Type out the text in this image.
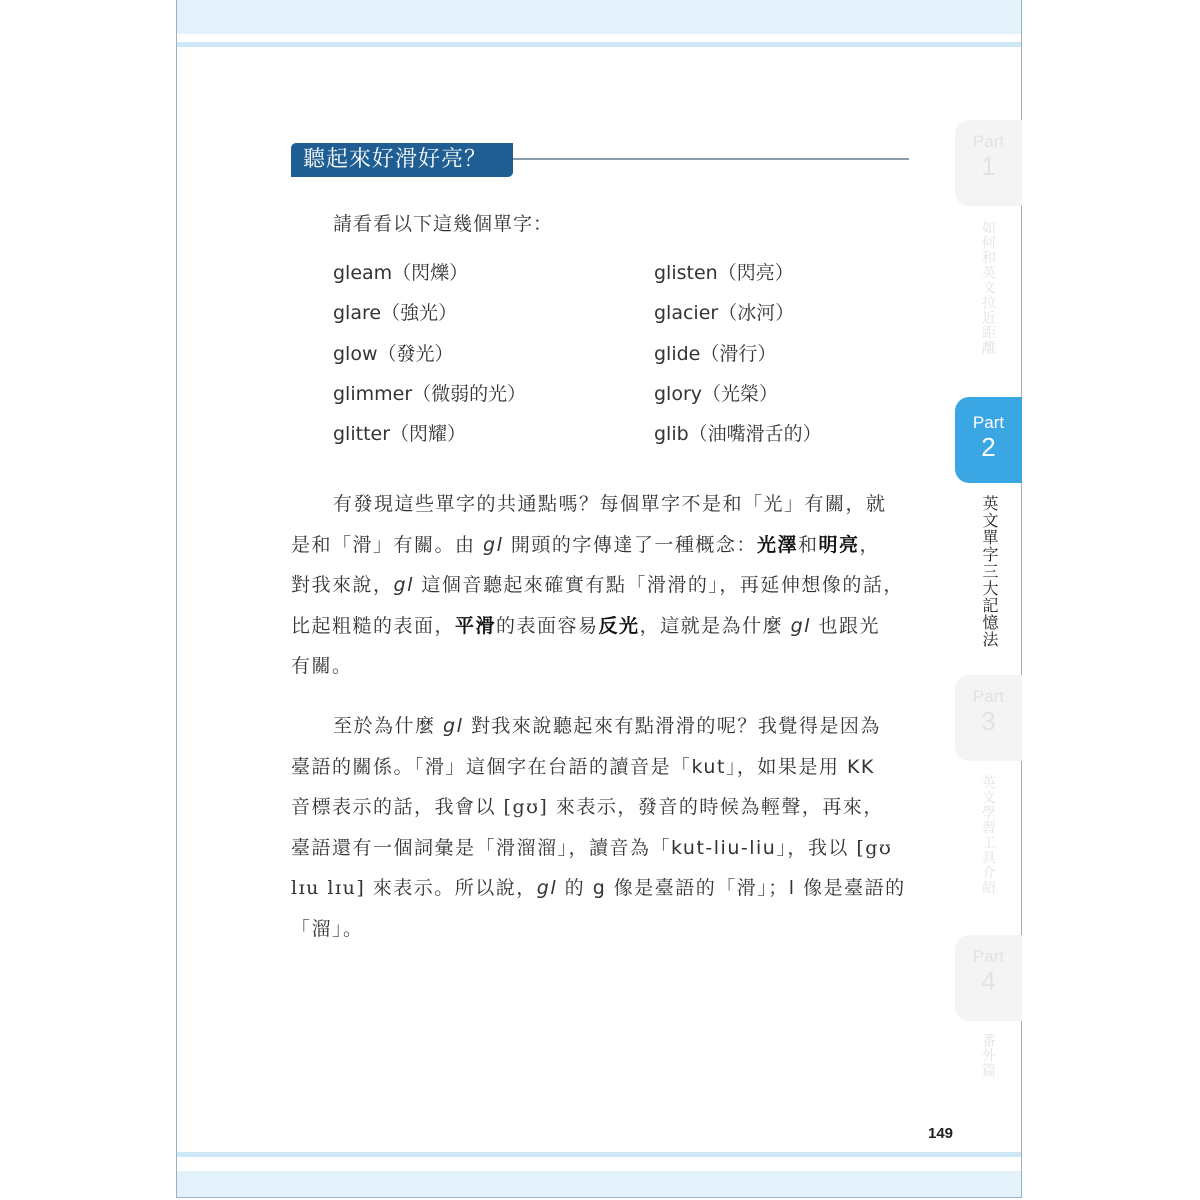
聽起來好滑好亮？
請看看以下這幾個單字：
gleam（閃爍）
glare（強光）
glow（發光）
glimmer（微弱的光）
glitter（閃耀）
glisten（閃亮）
glacier（冰河）
glide（滑行）
glory（光榮）
glib（油嘴滑舌的）
有發現這些單字的共通點嗎？每個單字不是和「光」有關，就
是和「滑」有關。由 gl 開頭的字傳達了一種概念：光澤和明亮，
對我來說，gl 這個音聽起來確實有點「滑滑的」，再延伸想像的話，
比起粗糙的表面，平滑的表面容易反光，這就是為什麼 gl 也跟光
有關。
至於為什麼 gl 對我來說聽起來有點滑滑的呢？我覺得是因為
臺語的關係。「滑」這個字在台語的讀音是「kut」，如果是用 KK
音標表示的話，我會以 [gʊ] 來表示，發音的時候為輕聲，再來，
臺語還有一個詞彙是「滑溜溜」，讀音為「kut-liu-liu」，我以 [gʊ
lɪu lɪu] 來表示。所以說，gl 的 g 像是臺語的「滑」；l 像是臺語的
「溜」。
Part
1
如何和英文拉近距離
Part
2
英文單字三大記憶法
Part
3
英文學習工具介紹
Part
4
番外篇
149
